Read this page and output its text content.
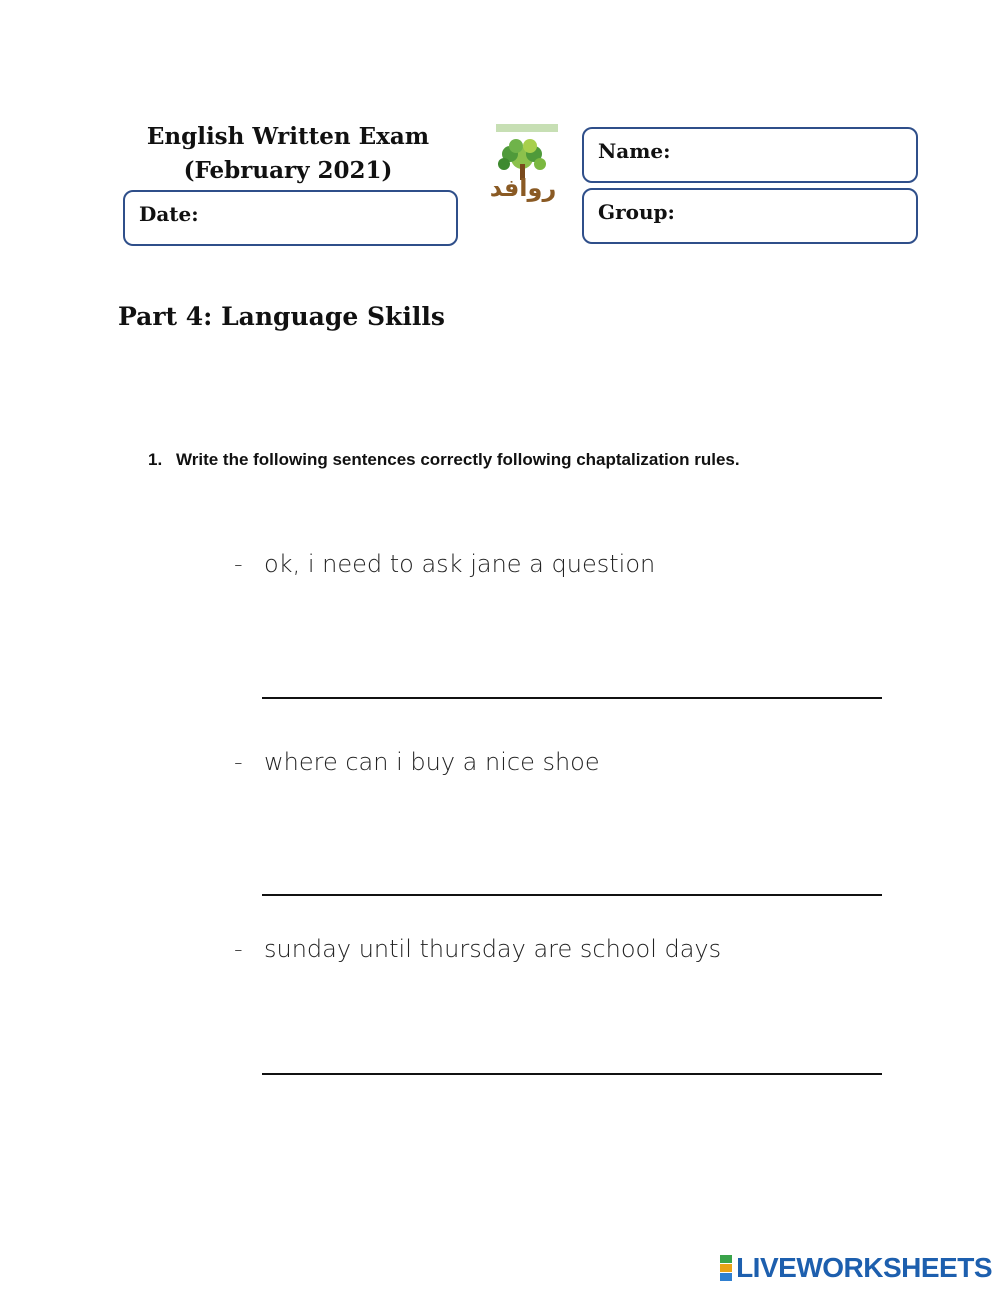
English Written Exam
(February 2021)
Date:
روافد
Name:
Group:
Part 4: Language Skills
1. Write the following sentences correctly following chaptalization rules.
- ok, i need to ask jane a question
- where can i buy a nice shoe
- sunday until thursday are school days
LIVEWORKSHEETS
